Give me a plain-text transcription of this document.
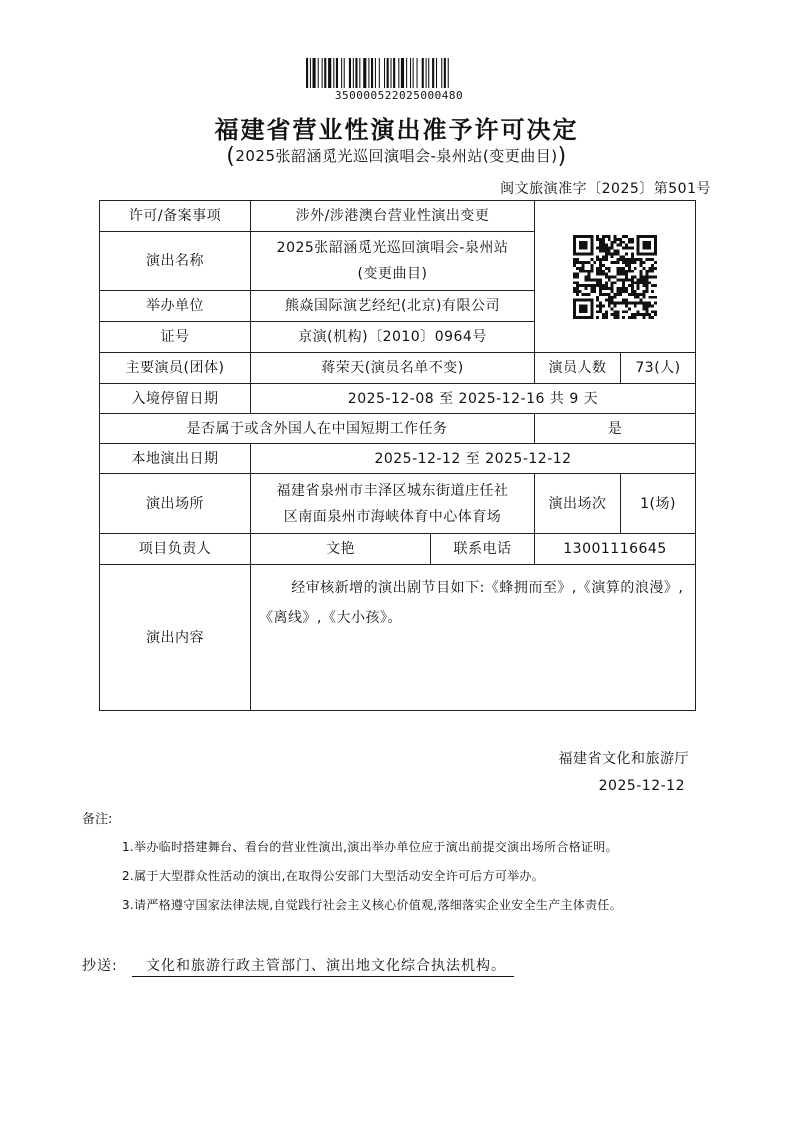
350000522025000480
福建省营业性演出准予许可决定
(2025张韶涵觅光巡回演唱会-泉州站(变更曲目))
闽文旅演准字〔2025〕第501号
许可/备案事项	涉外/涉港澳台营业性演出变更	

演出名称	2025张韶涵觅光巡回演唱会-泉州站
(变更曲目)			

举办单位	熊焱国际演艺经纪(北京)有限公司			
证号	京演(机构)〔2010〕0964号			
主要演员(团体)	蒋荣天(演员名单不变)		演员人数	73(人)
入境停留日期	2025-12-08 至 2025-12-16 共 9 天			
是否属于或含外国人在中国短期工作任务			是	
本地演出日期	2025-12-12 至 2025-12-12			
演出场所	福建省泉州市丰泽区城东街道庄任社
区南面泉州市海峡体育中心体育场		演出场次	1(场)
项目负责人	文艳	联系电话	13001116645	
演出内容	经审核新增的演出剧节目如下:《蜂拥而至》,《演算的浪漫》,《离线》,《大小孩》。			
福建省文化和旅游厅
2025-12-12
备注:
1.举办临时搭建舞台、看台的营业性演出,演出举办单位应于演出前提交演出场所合格证明。
2.属于大型群众性活动的演出,在取得公安部门大型活动安全许可后方可举办。
3.请严格遵守国家法律法规,自觉践行社会主义核心价值观,落细落实企业安全生产主体责任。
抄送:	文化和旅游行政主管部门、演出地文化综合执法机构。
